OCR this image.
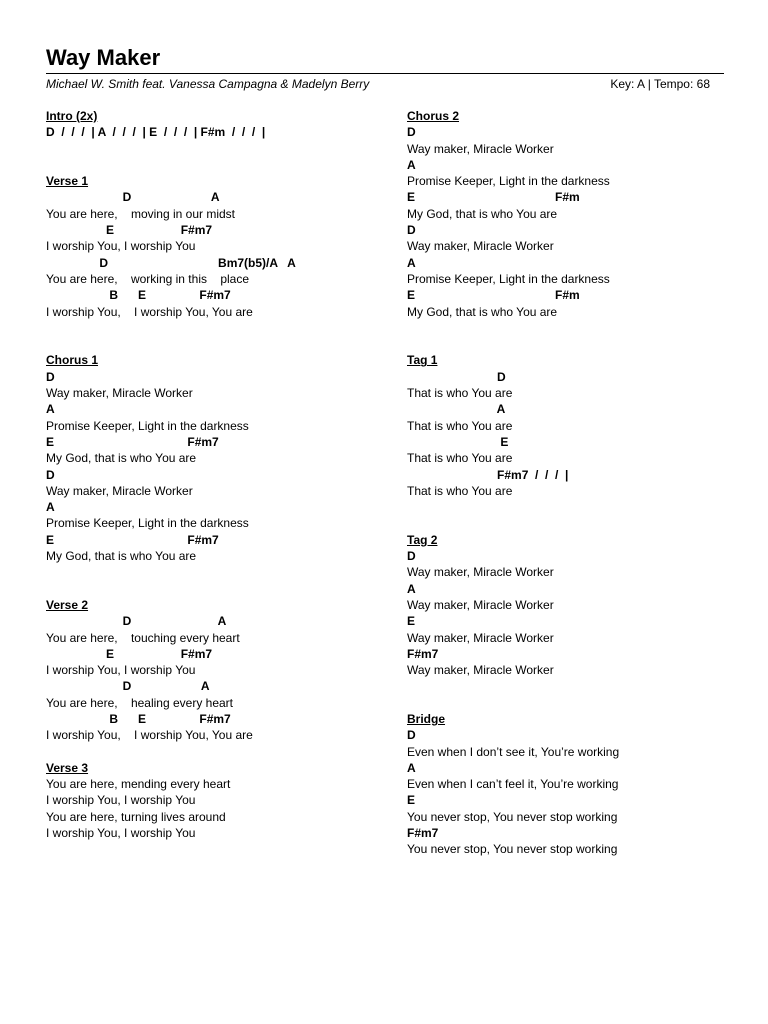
Way Maker
Michael W. Smith feat. Vanessa Campagna & Madelyn Berry	Key: A | Tempo: 68
Intro (2x)
D  /  /  /  | A  /  /  /  | E  /  /  /  | F#m  /  /  /  |
Verse 1
D                        A
You are here,    moving in our midst
E                    F#m7
I worship You, I worship You
D                                 Bm7(b5)/A   A
You are here,    working in this    place
B      E                F#m7
I worship You,    I worship You, You are
Chorus 1
D
Way maker, Miracle Worker
A
Promise Keeper, Light in the darkness
E                                        F#m7
My God, that is who You are
D
Way maker, Miracle Worker
A
Promise Keeper, Light in the darkness
E                                        F#m7
My God, that is who You are
Verse 2
D                          A
You are here,    touching every heart
E                    F#m7
I worship You, I worship You
D                     A
You are here,    healing every heart
B      E                F#m7
I worship You,    I worship You, You are
Verse 3
You are here, mending every heart
I worship You, I worship You
You are here, turning lives around
I worship You, I worship You
Chorus 2
D
Way maker, Miracle Worker
A
Promise Keeper, Light in the darkness
E                                          F#m
My God, that is who You are
D
Way maker, Miracle Worker
A
Promise Keeper, Light in the darkness
E                                          F#m
My God, that is who You are
Tag 1
D
That is who You are
A
That is who You are
E
That is who You are
F#m7  /  /  /  |
That is who You are
Tag 2
D
Way maker, Miracle Worker
A
Way maker, Miracle Worker
E
Way maker, Miracle Worker
F#m7
Way maker, Miracle Worker
Bridge
D
Even when I don’t see it, You’re working
A
Even when I can’t feel it, You’re working
E
You never stop, You never stop working
F#m7
You never stop, You never stop working
